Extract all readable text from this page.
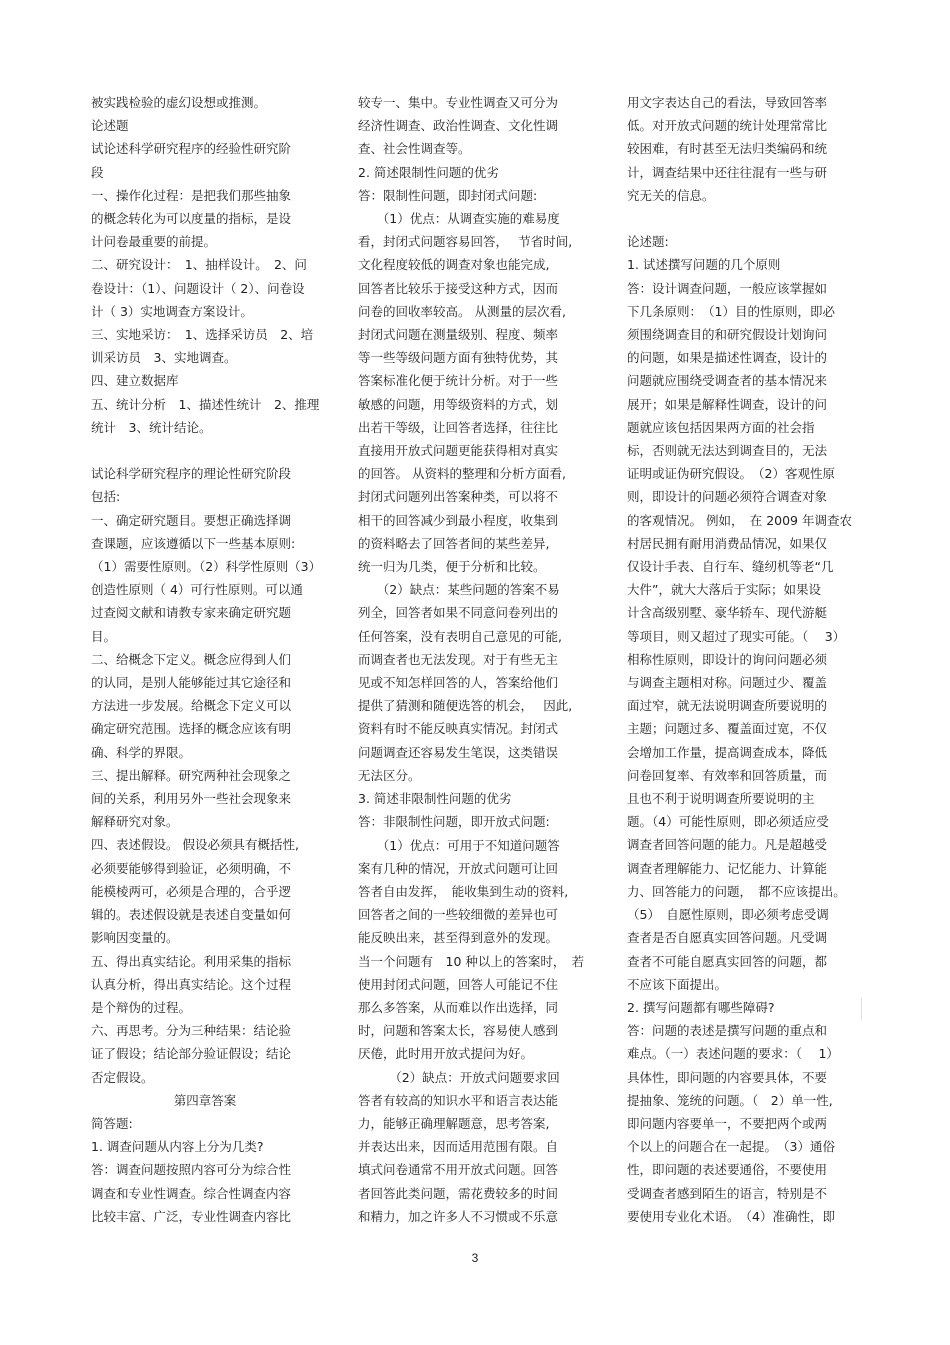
被实践检验的虚幻设想或推测。

论述题

试论述科学研究程序的经验性研究阶

段

一、操作化过程：是把我们那些抽象

的概念转化为可以度量的指标，是设

计问卷最重要的前提。

二、研究设计：　1、抽样设计。　2、问

卷设计：（1）、问题设计（ 2）、问卷设

计（ 3）实地调查方案设计。

三、实地采访：　1、选择采访员　2、培

训采访员　3、实地调查。

四、建立数据库

五、统计分析　1、描述性统计　2、推理

统计　3、统计结论。

试论科学研究程序的理论性研究阶段

包括:

一、确定研究题目。要想正确选择调

查课题，应该遵循以下一些基本原则:

（1）需要性原则。（2）科学性原则（3）

创造性原则（ 4）可行性原则。可以通

过查阅文献和请教专家来确定研究题

目。

二、给概念下定义。概念应得到人们

的认同，是别人能够能过其它途径和

方法进一步发展。给概念下定义可以

确定研究范围。选择的概念应该有明

确、科学的界限。

三、提出解释。研究两种社会现象之

间的关系，利用另外一些社会现象来

解释研究对象。

四、表述假设。 假设必须具有概括性,

必须要能够得到验证，必须明确，不

能模棱两可，必须是合理的，合乎逻

辑的。表述假设就是表述自变量如何

影响因变量的。

五、得出真实结论。利用采集的指标

认真分析，得出真实结论。这个过程

是个辩伪的过程。

六、再思考。分为三种结果：结论验

证了假设；结论部分验证假设；结论

否定假设。

第四章答案

简答题:

1. 调查问题从内容上分为几类?

答：调查问题按照内容可分为综合性

调查和专业性调查。综合性调查内容

比较丰富、广泛，专业性调查内容比

较专一、集中。专业性调查又可分为

经济性调查、政治性调查、文化性调

查、社会性调查等。

2. 简述限制性问题的优劣

答：限制性问题，即封闭式问题:

　　（1）优点：从调查实施的难易度

看，封闭式问题容易回答，　 节省时间,

文化程度较低的调查对象也能完成,

回答者比较乐于接受这种方式，因而

问卷的回收率较高。 从测量的层次看,

封闭式问题在测量级别、程度、频率

等一些等级问题方面有独特优势，其

答案标准化便于统计分析。对于一些

敏感的问题，用等级资料的方式，划

出若干等级，让回答者选择，往往比

直接用开放式问题更能获得相对真实

的回答。 从资料的整理和分析方面看,

封闭式问题列出答案种类，可以将不

相干的回答减少到最小程度，收集到

的资料略去了回答者间的某些差异,

统一归为几类，便于分析和比较。

　　（2）缺点：某些问题的答案不易

列全，回答者如果不同意问卷列出的

任何答案，没有表明自己意见的可能,

而调查者也无法发现。对于有些无主

见或不知怎样回答的人，答案给他们

提供了猜测和随便选答的机会，　 因此,

资料有时不能反映真实情况。封闭式

问题调查还容易发生笔误，这类错误

无法区分。

3. 简述非限制性问题的优劣

答：非限制性问题，即开放式问题:

　　（1）优点：可用于不知道问题答

案有几种的情况，开放式问题可让回

答者自由发挥，　能收集到生动的资料,

回答者之间的一些较细微的差异也可

能反映出来，甚至得到意外的发现。

当一个问题有　10 种以上的答案时，　若

使用封闭式问题，回答人可能记不住

那么多答案，从而难以作出选择，同

时，问题和答案太长，容易使人感到

厌倦，此时用开放式提问为好。

　　　（2）缺点：开放式问题要求回

答者有较高的知识水平和语言表达能

力，能够正确理解题意，思考答案,

并表达出来，因而适用范围有限。自

填式问卷通常不用开放式问题。回答

者回答此类问题，需花费较多的时间

和精力，加之许多人不习惯或不乐意

用文字表达自己的看法，导致回答率

低。对开放式问题的统计处理常常比

较困难，有时甚至无法归类编码和统

计，调查结果中还往往混有一些与研

究无关的信息。

论述题:

1. 试述撰写问题的几个原则

答：设计调查问题，一般应该掌握如

下几条原则：　（1）目的性原则，即必

须围绕调查目的和研究假设计划询问

的问题，如果是描述性调查，设计的

问题就应围绕受调查者的基本情况来

展开；如果是解释性调查，设计的问

题就应该包括因果两方面的社会指

标，否则就无法达到调查目的，无法

证明或证伪研究假设。　（2）客观性原

则，即设计的问题必须符合调查对象

的客观情况。 例如，　在 2009 年调查农

村居民拥有耐用消费品情况，如果仅

仅设计手表、自行车、缝纫机等老“几

大件”，就大大落后于实际；如果设

计含高级别墅、豪华轿车、现代游艇

等项目，则又超过了现实可能。（　 3）

相称性原则，即设计的询问问题必须

与调查主题相对称。问题过少、覆盖

面过窄，就无法说明调查所要说明的

主题；问题过多、覆盖面过宽，不仅

会增加工作量，提高调查成本，降低

问卷回复率、有效率和回答质量，而

且也不利于说明调查所要说明的主

题。（4）可能性原则，即必须适应受

调查者回答问题的能力。凡是超越受

调查者理解能力、记忆能力、计算能

力、回答能力的问题，　都不应该提出。

（5）　自愿性原则，即必须考虑受调

查者是否自愿真实回答问题。凡受调

查者不可能自愿真实回答的问题，都

不应该下面提出。

2. 撰写问题都有哪些障碍?

答：问题的表述是撰写问题的重点和

难点。（一）表述问题的要求：（　 1）

具体性，即问题的内容要具体，不要

提抽象、笼统的问题。（　2）单一性,

即问题内容要单一，不要把两个或两

个以上的问题合在一起提。　（3）通俗

性，即问题的表述要通俗，不要使用

受调查者感到陌生的语言，特别是不

要使用专业化术语。　（4）准确性，即

3
